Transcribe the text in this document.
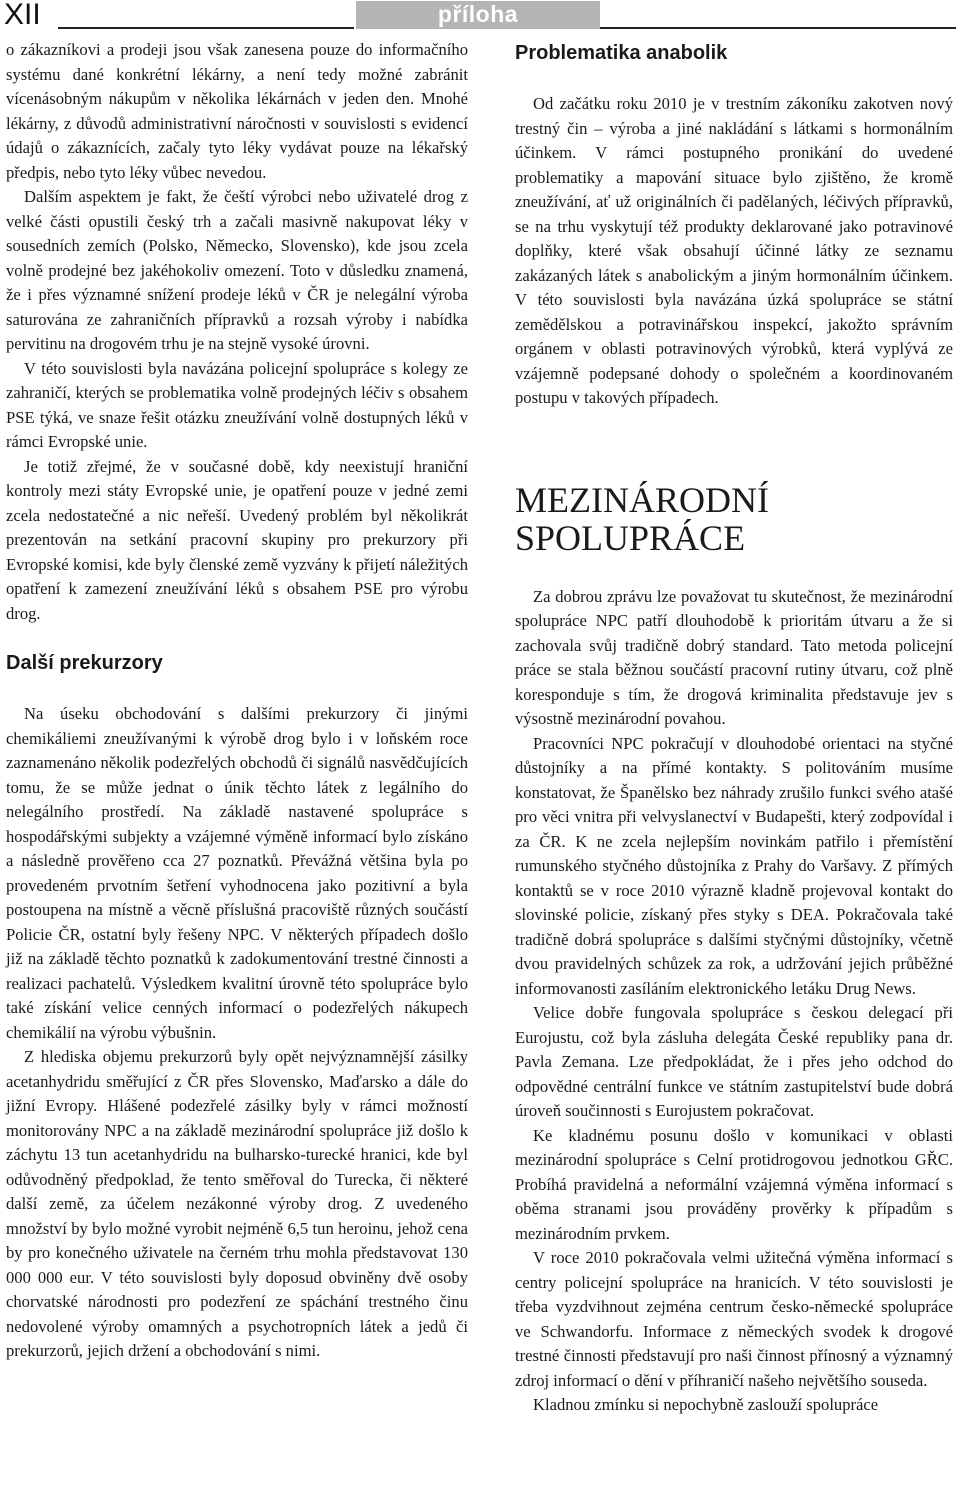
XII	příloha

o zákazníkovi a prodeji jsou však zanesena pouze do informačního systému dané konkrétní lékárny, a není tedy možné zabránit vícenásobným nákupům v několika lékárnách v jeden den. Mnohé lékárny, z důvodů administrativní náročnosti v souvislosti s evidencí údajů o zákaznících, začaly tyto léky vydávat pouze na lékařský předpis, nebo tyto léky vůbec nevedou.

Dalším aspektem je fakt, že čeští výrobci nebo uživatelé drog z velké části opustili český trh a začali masivně nakupovat léky v sousedních zemích (Polsko, Německo, Slovensko), kde jsou zcela volně prodejné bez jakéhokoliv omezení. Toto v důsledku znamená, že i přes významné snížení prodeje léků v ČR je nelegální výroba saturována ze zahraničních přípravků a rozsah výroby i nabídka pervitinu na drogovém trhu je na stejně vysoké úrovni.

V této souvislosti byla navázána policejní spolupráce s kolegy ze zahraničí, kterých se problematika volně prodejných léčiv s obsahem PSE týká, ve snaze řešit otázku zneužívání volně dostupných léků v rámci Evropské unie.

Je totiž zřejmé, že v současné době, kdy neexistují hraniční kontroly mezi státy Evropské unie, je opatření pouze v jedné zemi zcela nedostatečné a nic neřeší. Uvedený problém byl několikrát prezentován na setkání pracovní skupiny pro prekurzory při Evropské komisi, kde byly členské země vyzvány k přijetí náležitých opatření k zamezení zneužívání léků s obsahem PSE pro výrobu drog.

Další prekurzory

Na úseku obchodování s dalšími prekurzory či jinými chemikáliemi zneužívanými k výrobě drog bylo i v loňském roce zaznamenáno několik podezřelých obchodů či signálů nasvědčujících tomu, že se může jednat o únik těchto látek z legálního do nelegálního prostředí. Na základě nastavené spolupráce s hospodářskými subjekty a vzájemné výměně informací bylo získáno a následně prověřeno cca 27 poznatků. Převážná většina byla po provedeném prvotním šetření vyhodnocena jako pozitivní a byla postoupena na místně a věcně příslušná pracoviště různých součástí Policie ČR, ostatní byly řešeny NPC. V některých případech došlo již na základě těchto poznatků k zadokumentování trestné činnosti a realizaci pachatelů. Výsledkem kvalitní úrovně této spolupráce bylo také získání velice cenných informací o podezřelých nákupech chemikálií na výrobu výbušnin.

Z hlediska objemu prekurzorů byly opět nejvýznamnější zásilky acetanhydridu směřující z ČR přes Slovensko, Maďarsko a dále do jižní Evropy. Hlášené podezřelé zásilky byly v rámci možností monitorovány NPC a na základě mezinárodní spolupráce již došlo k záchytu 13 tun acetanhydridu na bulharsko-turecké hranici, kde byl odůvodněný předpoklad, že tento směřoval do Turecka, či některé další země, za účelem nezákonné výroby drog. Z uvedeného množství by bylo možné vyrobit nejméně 6,5 tun heroinu, jehož cena by pro konečného uživatele na černém trhu mohla představovat 130 000 000 eur. V této souvislosti byly doposud obviněny dvě osoby chorvatské národnosti pro podezření ze spáchání trestného činu nedovolené výroby omamných a psychotropních látek a jedů či prekurzorů, jejich držení a obchodování s nimi.

Problematika anabolik

Od začátku roku 2010 je v trestním zákoníku zakotven nový trestný čin – výroba a jiné nakládání s látkami s hormonálním účinkem. V rámci postupného pronikání do uvedené problematiky a mapování situace bylo zjištěno, že kromě zneužívání, ať už originálních či padělaných, léčivých přípravků, se na trhu vyskytují též produkty deklarované jako potravinové doplňky, které však obsahují účinné látky ze seznamu zakázaných látek s anabolickým a jiným hormonálním účinkem. V této souvislosti byla navázána úzká spolupráce se státní zemědělskou a potravinářskou inspekcí, jakožto správním orgánem v oblasti potravinových výrobků, která vyplývá ze vzájemně podepsané dohody o společném a koordinovaném postupu v takových případech.

MEZINÁRODNÍ
SPOLUPRÁCE

Za dobrou zprávu lze považovat tu skutečnost, že mezinárodní spolupráce NPC patří dlouhodobě k prioritám útvaru a že si zachovala svůj tradičně dobrý standard. Tato metoda policejní práce se stala běžnou součástí pracovní rutiny útvaru, což plně koresponduje s tím, že drogová kriminalita představuje jev s výsostně mezinárodní povahou.

Pracovníci NPC pokračují v dlouhodobé orientaci na styčné důstojníky a na přímé kontakty. S politováním musíme konstatovat, že Španělsko bez náhrady zrušilo funkci svého atašé pro věci vnitra při velvyslanectví v Budapešti, který zodpovídal i za ČR. K ne zcela nejlepším novinkám patřilo i přemístění rumunského styčného důstojníka z Prahy do Varšavy. Z přímých kontaktů se v roce 2010 výrazně kladně projevoval kontakt do slovinské policie, získaný přes styky s DEA. Pokračovala také tradičně dobrá spolupráce s dalšími styčnými důstojníky, včetně dvou pravidelných schůzek za rok, a udržování jejich průběžné informovanosti zasíláním elektronického letáku Drug News.

Velice dobře fungovala spolupráce s českou delegací při Eurojustu, což byla zásluha delegáta České republiky pana dr. Pavla Zemana. Lze předpokládat, že i přes jeho odchod do odpovědné centrální funkce ve státním zastupitelství bude dobrá úroveň součinnosti s Eurojustem pokračovat.

Ke kladnému posunu došlo v komunikaci v oblasti mezinárodní spolupráce s Celní protidrogovou jednotkou GŘC. Probíhá pravidelná a neformální vzájemná výměna informací s oběma stranami jsou prováděny prověrky k případům s mezinárodním prvkem.

V roce 2010 pokračovala velmi užitečná výměna informací s centry policejní spolupráce na hranicích. V této souvislosti je třeba vyzdvihnout zejména centrum česko-německé spolupráce ve Schwandorfu. Informace z německých svodek k drogové trestné činnosti představují pro naši činnost přínosný a významný zdroj informací o dění v příhraničí našeho největšího souseda.

Kladnou zmínku si nepochybně zaslouží spolupráce
